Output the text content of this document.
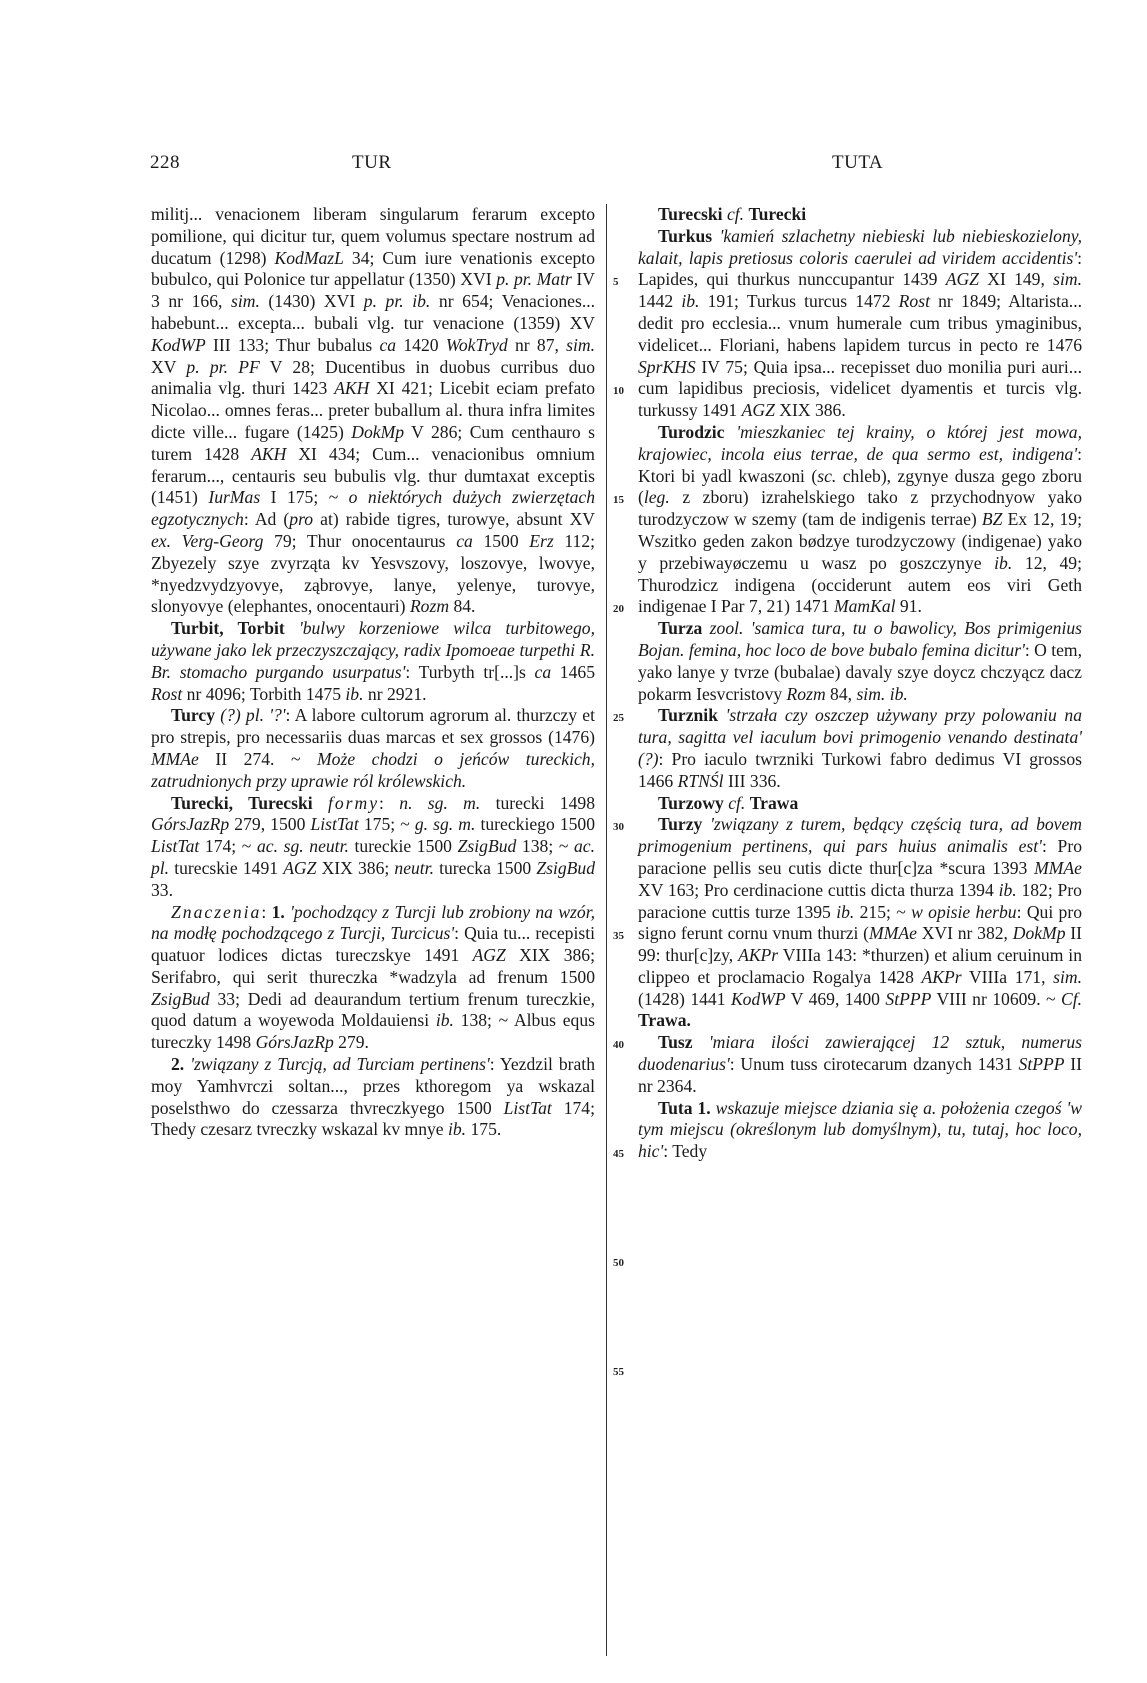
228	TUR	TUTA

militj... venacionem liberam singularum ferarum excepto pomilione, qui dicitur tur, quem volumus spectare nostrum ad ducatum (1298) KodMazL 34; Cum iure venationis excepto bubulco, qui Polonice tur appellatur (1350) XVI p. pr. Matr IV 3 nr 166, sim. (1430) XVI p. pr. ib. nr 654; Venaciones... habebunt... excepta... bubali vlg. tur venacione (1359) XV KodWP III 133; Thur bubalus ca 1420 WokTryd nr 87, sim. XV p. pr. PF V 28; Ducentibus in duobus curribus duo animalia vlg. thuri 1423 AKH XI 421; Licebit eciam prefato Nicolao... omnes feras... preter buballum al. thura infra limites dicte ville... fugare (1425) DokMp V 286; Cum centhauro s turem 1428 AKH XI 434; Cum... venacionibus omnium ferarum..., centauris seu bubulis vlg. thur dumtaxat exceptis (1451) IurMas I 175; ~ o niektórych dużych zwierzętach egzotycznych: Ad (pro at) rabide tigres, turowye, absunt XV ex. Verg-Georg 79; Thur onocentaurus ca 1500 Erz 112; Zbyezely szye zvyrząta kv Yesvszovy, loszovye, lwovye, *nyedzvydzyovye, ząbrovye, lanye, yelenye, turovye, slonyovye (elephantes, onocentauri) Rozm 84.

Turbit, Torbit 'bulwy korzeniowe wilca turbitowego, używane jako lek przeczyszczający, radix Ipomoeae turpethi R. Br. stomacho purgando usurpatus': Turbyth tr[...]s ca 1465 Rost nr 4096; Torbith 1475 ib. nr 2921.

Turcy (?) pl. '?': A labore cultorum agrorum al. thurzczy et pro strepis, pro necessariis duas marcas et sex grossos (1476) MMAe II 274. ~ Może chodzi o jeńców tureckich, zatrudnionych przy uprawie ról królewskich.

Turecki, Turecski formy: n. sg. m. turecki 1498 GórsJazRp 279, 1500 ListTat 175; ~ g. sg. m. tureckiego 1500 ListTat 174; ~ ac. sg. neutr. tureckie 1500 ZsigBud 138; ~ ac. pl. turecskie 1491 AGZ XIX 386; neutr. turecka 1500 ZsigBud 33.

Znaczenia: 1. 'pochodzący z Turcji lub zrobiony na wzór, na modłę pochodzącego z Turcji, Turcicus': Quia tu... recepisti quatuor lodices dictas tureczskye 1491 AGZ XIX 386; Serifabro, qui serit thureczka *wadzyla ad frenum 1500 ZsigBud 33; Dedi ad deaurandum tertium frenum tureczkie, quod datum a woyewoda Moldauiensi ib. 138; ~ Albus equs tureczky 1498 GórsJazRp 279.

2. 'związany z Turcją, ad Turciam pertinens': Yezdzil brath moy Yamhvrczi soltan..., przes kthoregom ya wskazal poselsthwo do czessarza thvreczkyego 1500 ListTat 174; Thedy czesarz tvreczky wskazal kv mnye ib. 175.

5
10
15
20
25
30
35
40
45
50
55

Turecski cf. Turecki

Turkus 'kamień szlachetny niebieski lub niebieskozielony, kalait, lapis pretiosus coloris caerulei ad viridem accidentis': Lapides, qui thurkus nunccupantur 1439 AGZ XI 149, sim. 1442 ib. 191; Turkus turcus 1472 Rost nr 1849; Altarista... dedit pro ecclesia... vnum humerale cum tribus ymaginibus, videlicet... Floriani, habens lapidem turcus in pecto re 1476 SprKHS IV 75; Quia ipsa... recepisset duo monilia puri auri... cum lapidibus preciosis, videlicet dyamentis et turcis vlg. turkussy 1491 AGZ XIX 386.

Turodzic 'mieszkaniec tej krainy, o której jest mowa, krajowiec, incola eius terrae, de qua sermo est, indigena': Ktori bi yadl kwaszoni (sc. chleb), zgynye dusza gego zboru (leg. z zboru) izrahelskiego tako z przychodnyow yako turodzyczow w szemy (tam de indigenis terrae) BZ Ex 12, 19; Wszitko geden zakon bødzye turodzyczowy (indigenae) yako y przebiwayøczemu u wasz po goszczynye ib. 12, 49; Thurodzicz indigena (occiderunt autem eos viri Geth indigenae I Par 7, 21) 1471 MamKal 91.

Turza zool. 'samica tura, tu o bawolicy, Bos primigenius Bojan. femina, hoc loco de bove bubalo femina dicitur': O tem, yako lanye y tvrze (bubalae) davaly szye doycz chczyącz dacz pokarm Iesvcristovy Rozm 84, sim. ib.

Turznik 'strzała czy oszczep używany przy polowaniu na tura, sagitta vel iaculum bovi primogenio venando destinata' (?): Pro iaculo twrzniki Turkowi fabro dedimus VI grossos 1466 RTNŚl III 336.

Turzowy cf. Trawa

Turzy 'związany z turem, będący częścią tura, ad bovem primogenium pertinens, qui pars huius animalis est': Pro paracione pellis seu cutis dicte thur[c]za *scura 1393 MMAe XV 163; Pro cerdinacione cuttis dicta thurza 1394 ib. 182; Pro paracione cuttis turze 1395 ib. 215; ~ w opisie herbu: Qui pro signo ferunt cornu vnum thurzi (MMAe XVI nr 382, DokMp II 99: thur[c]zy, AKPr VIIIa 143: *thurzen) et alium ceruinum in clippeo et proclamacio Rogalya 1428 AKPr VIIIa 171, sim. (1428) 1441 KodWP V 469, 1400 StPPP VIII nr 10609. ~ Cf. Trawa.

Tusz 'miara ilości zawierającej 12 sztuk, numerus duodenarius': Unum tuss cirotecarum dzanych 1431 StPPP II nr 2364.

Tuta 1. wskazuje miejsce dziania się a. położenia czegoś 'w tym miejscu (określonym lub domyślnym), tu, tutaj, hoc loco, hic': Tedy
